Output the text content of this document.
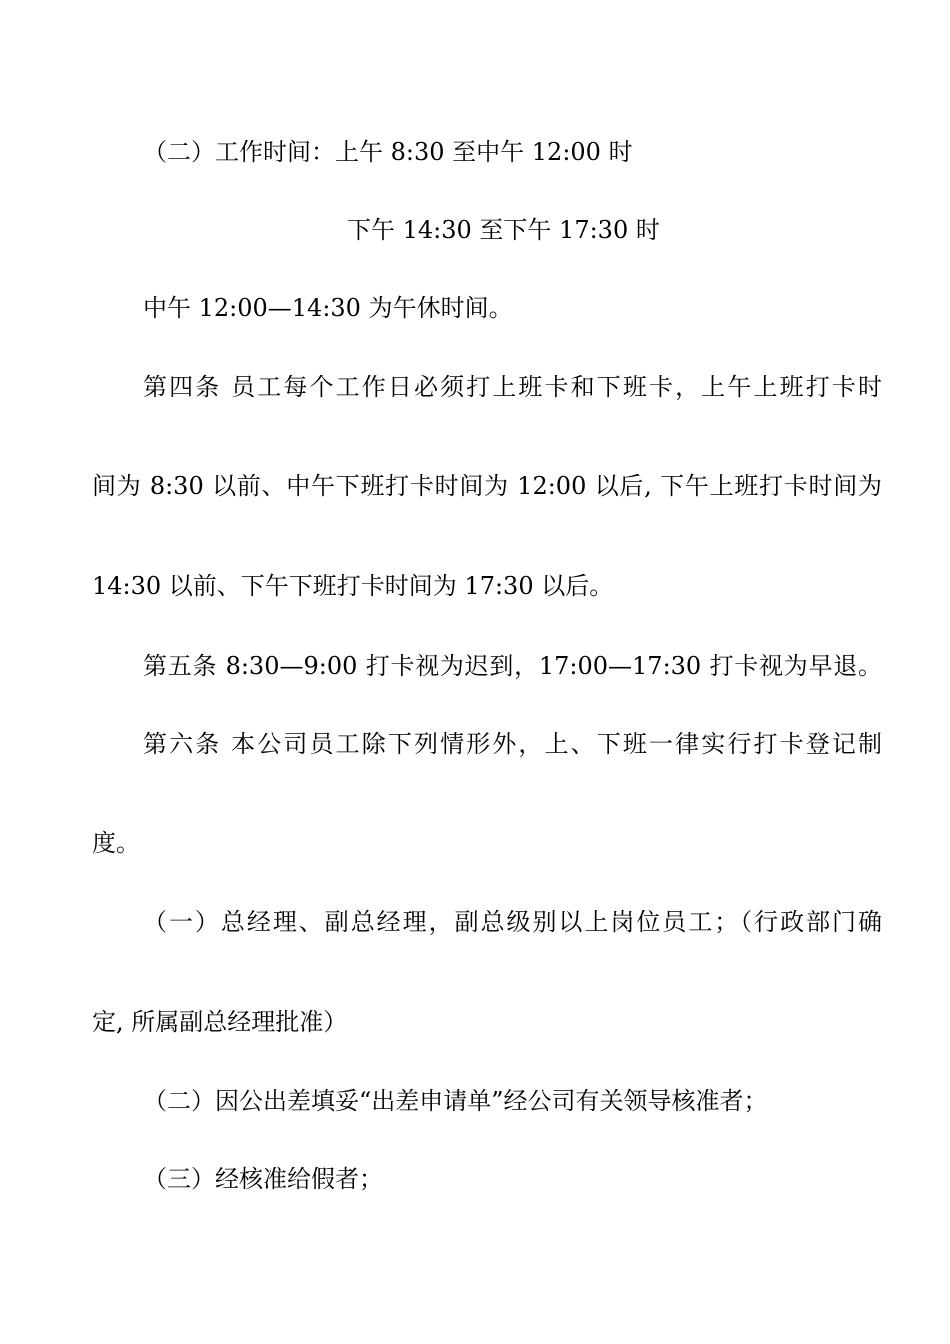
（二）工作时间：上午 8:30 至中午 12:00 时

下午 14:30 至下午 17:30 时

中午 12:00—14:30 为午休时间。

第四条 员工每个工作日必须打上班卡和下班卡，上午上班打卡时

间为 8:30 以前、中午下班打卡时间为 12:00 以后, 下午上班打卡时间为

14:30 以前、下午下班打卡时间为 17:30 以后。

第五条 8:30—9:00 打卡视为迟到，17:00—17:30 打卡视为早退。

第六条 本公司员工除下列情形外，上、下班一律实行打卡登记制

度。

（一）总经理、副总经理，副总级别以上岗位员工；（行政部门确

定, 所属副总经理批准）

（二）因公出差填妥“出差申请单”经公司有关领导核准者；

（三）经核准给假者；
